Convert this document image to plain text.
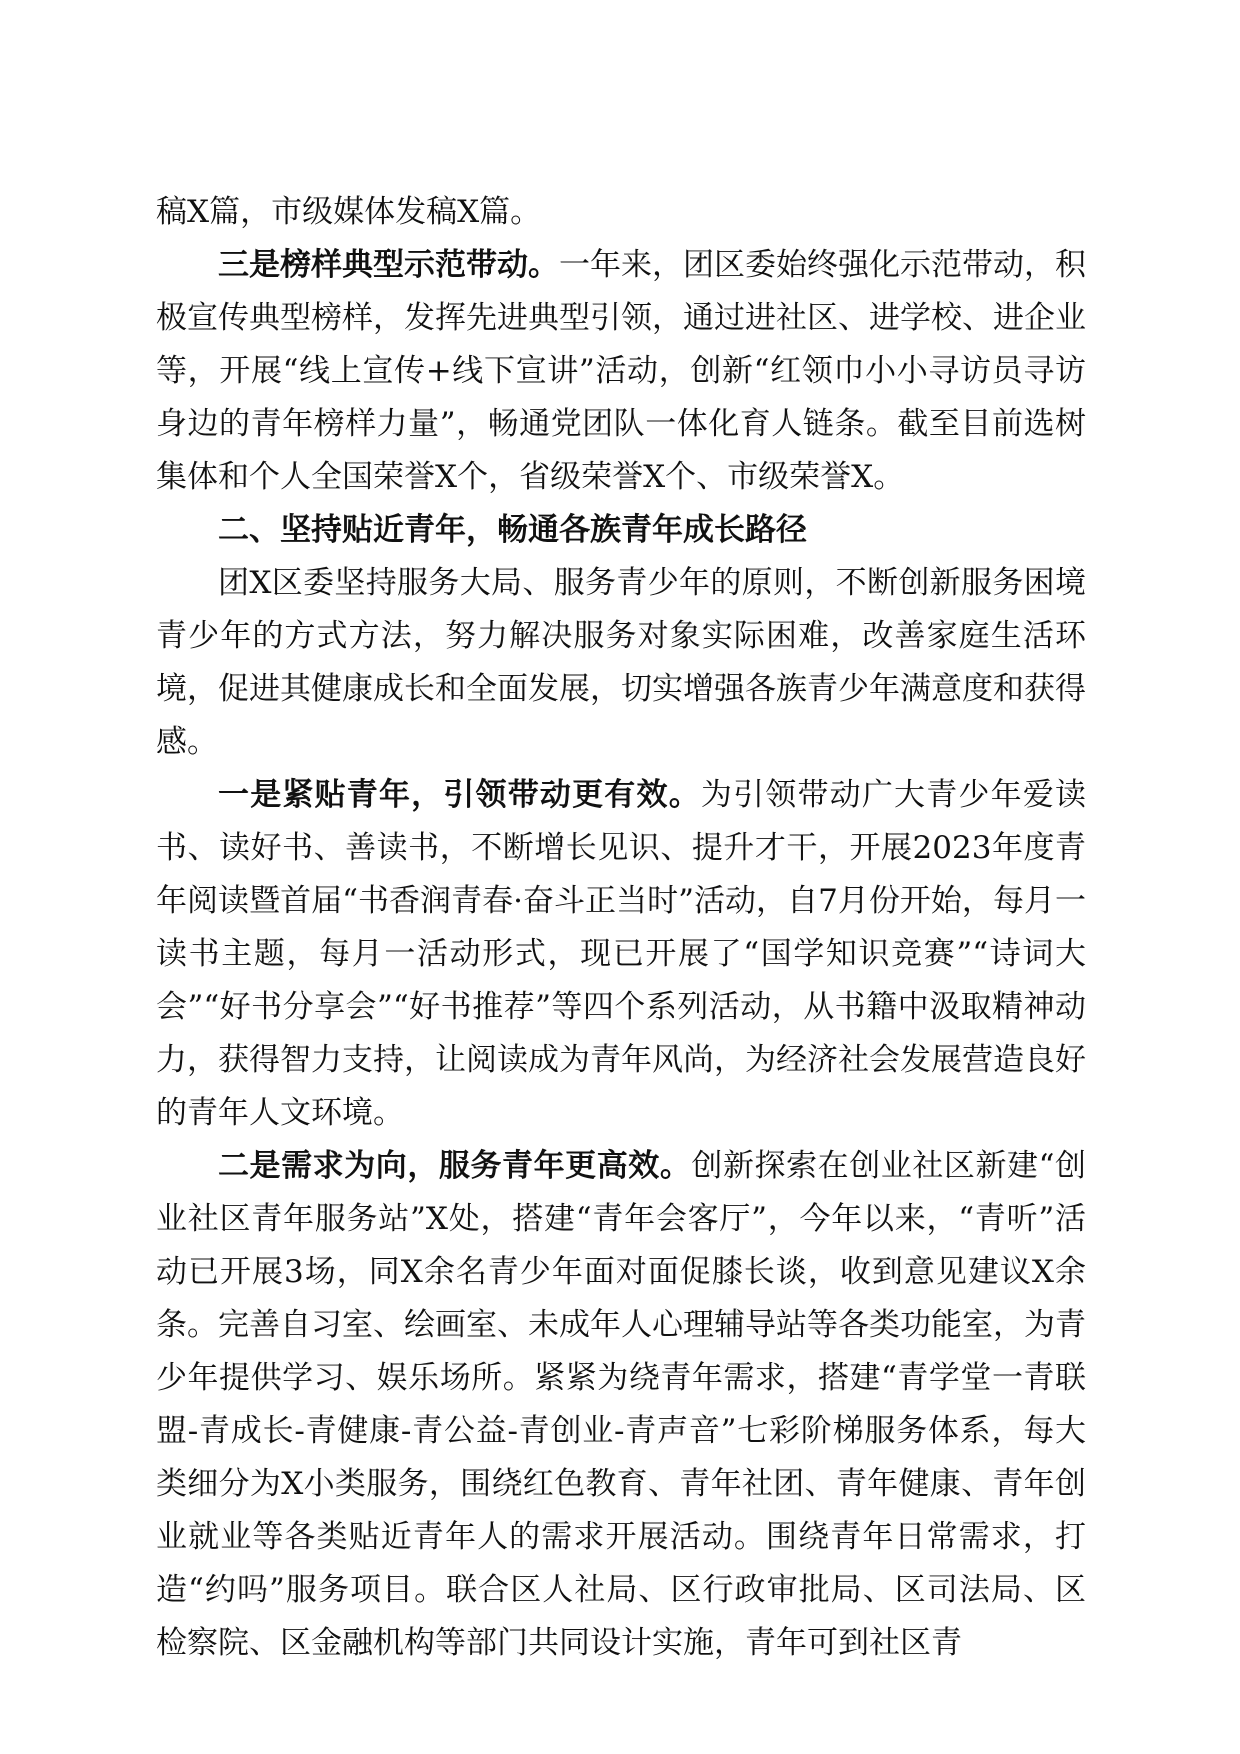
稿X篇，市级媒体发稿X篇。

三是榜样典型示范带动。一年来，团区委始终强化示范带动，积极宣传典型榜样，发挥先进典型引领，通过进社区、进学校、进企业等，开展“线上宣传+线下宣讲”活动，创新“红领巾小小寻访员寻访身边的青年榜样力量”，畅通党团队一体化育人链条。截至目前选树集体和个人全国荣誉X个，省级荣誉X个、市级荣誉X。

二、坚持贴近青年，畅通各族青年成长路径

团X区委坚持服务大局、服务青少年的原则，不断创新服务困境青少年的方式方法，努力解决服务对象实际困难，改善家庭生活环境，促进其健康成长和全面发展，切实增强各族青少年满意度和获得感。

一是紧贴青年，引领带动更有效。为引领带动广大青少年爱读书、读好书、善读书，不断增长见识、提升才干，开展2023年度青年阅读暨首届“书香润青春·奋斗正当时”活动，自7月份开始，每月一读书主题，每月一活动形式，现已开展了“国学知识竞赛”“诗词大会”“好书分享会”“好书推荐”等四个系列活动，从书籍中汲取精神动力，获得智力支持，让阅读成为青年风尚，为经济社会发展营造良好的青年人文环境。

二是需求为向，服务青年更高效。创新探索在创业社区新建“创业社区青年服务站”X处，搭建“青年会客厅”，今年以来，“青听”活动已开展3场，同X余名青少年面对面促膝长谈，收到意见建议X余条。完善自习室、绘画室、未成年人心理辅导站等各类功能室，为青少年提供学习、娱乐场所。紧紧为绕青年需求，搭建“青学堂一青联盟-青成长-青健康-青公益-青创业-青声音”七彩阶梯服务体系，每大类细分为X小类服务，围绕红色教育、青年社团、青年健康、青年创业就业等各类贴近青年人的需求开展活动。围绕青年日常需求，打造“约吗”服务项目。联合区人社局、区行政审批局、区司法局、区检察院、区金融机构等部门共同设计实施，青年可到社区青
